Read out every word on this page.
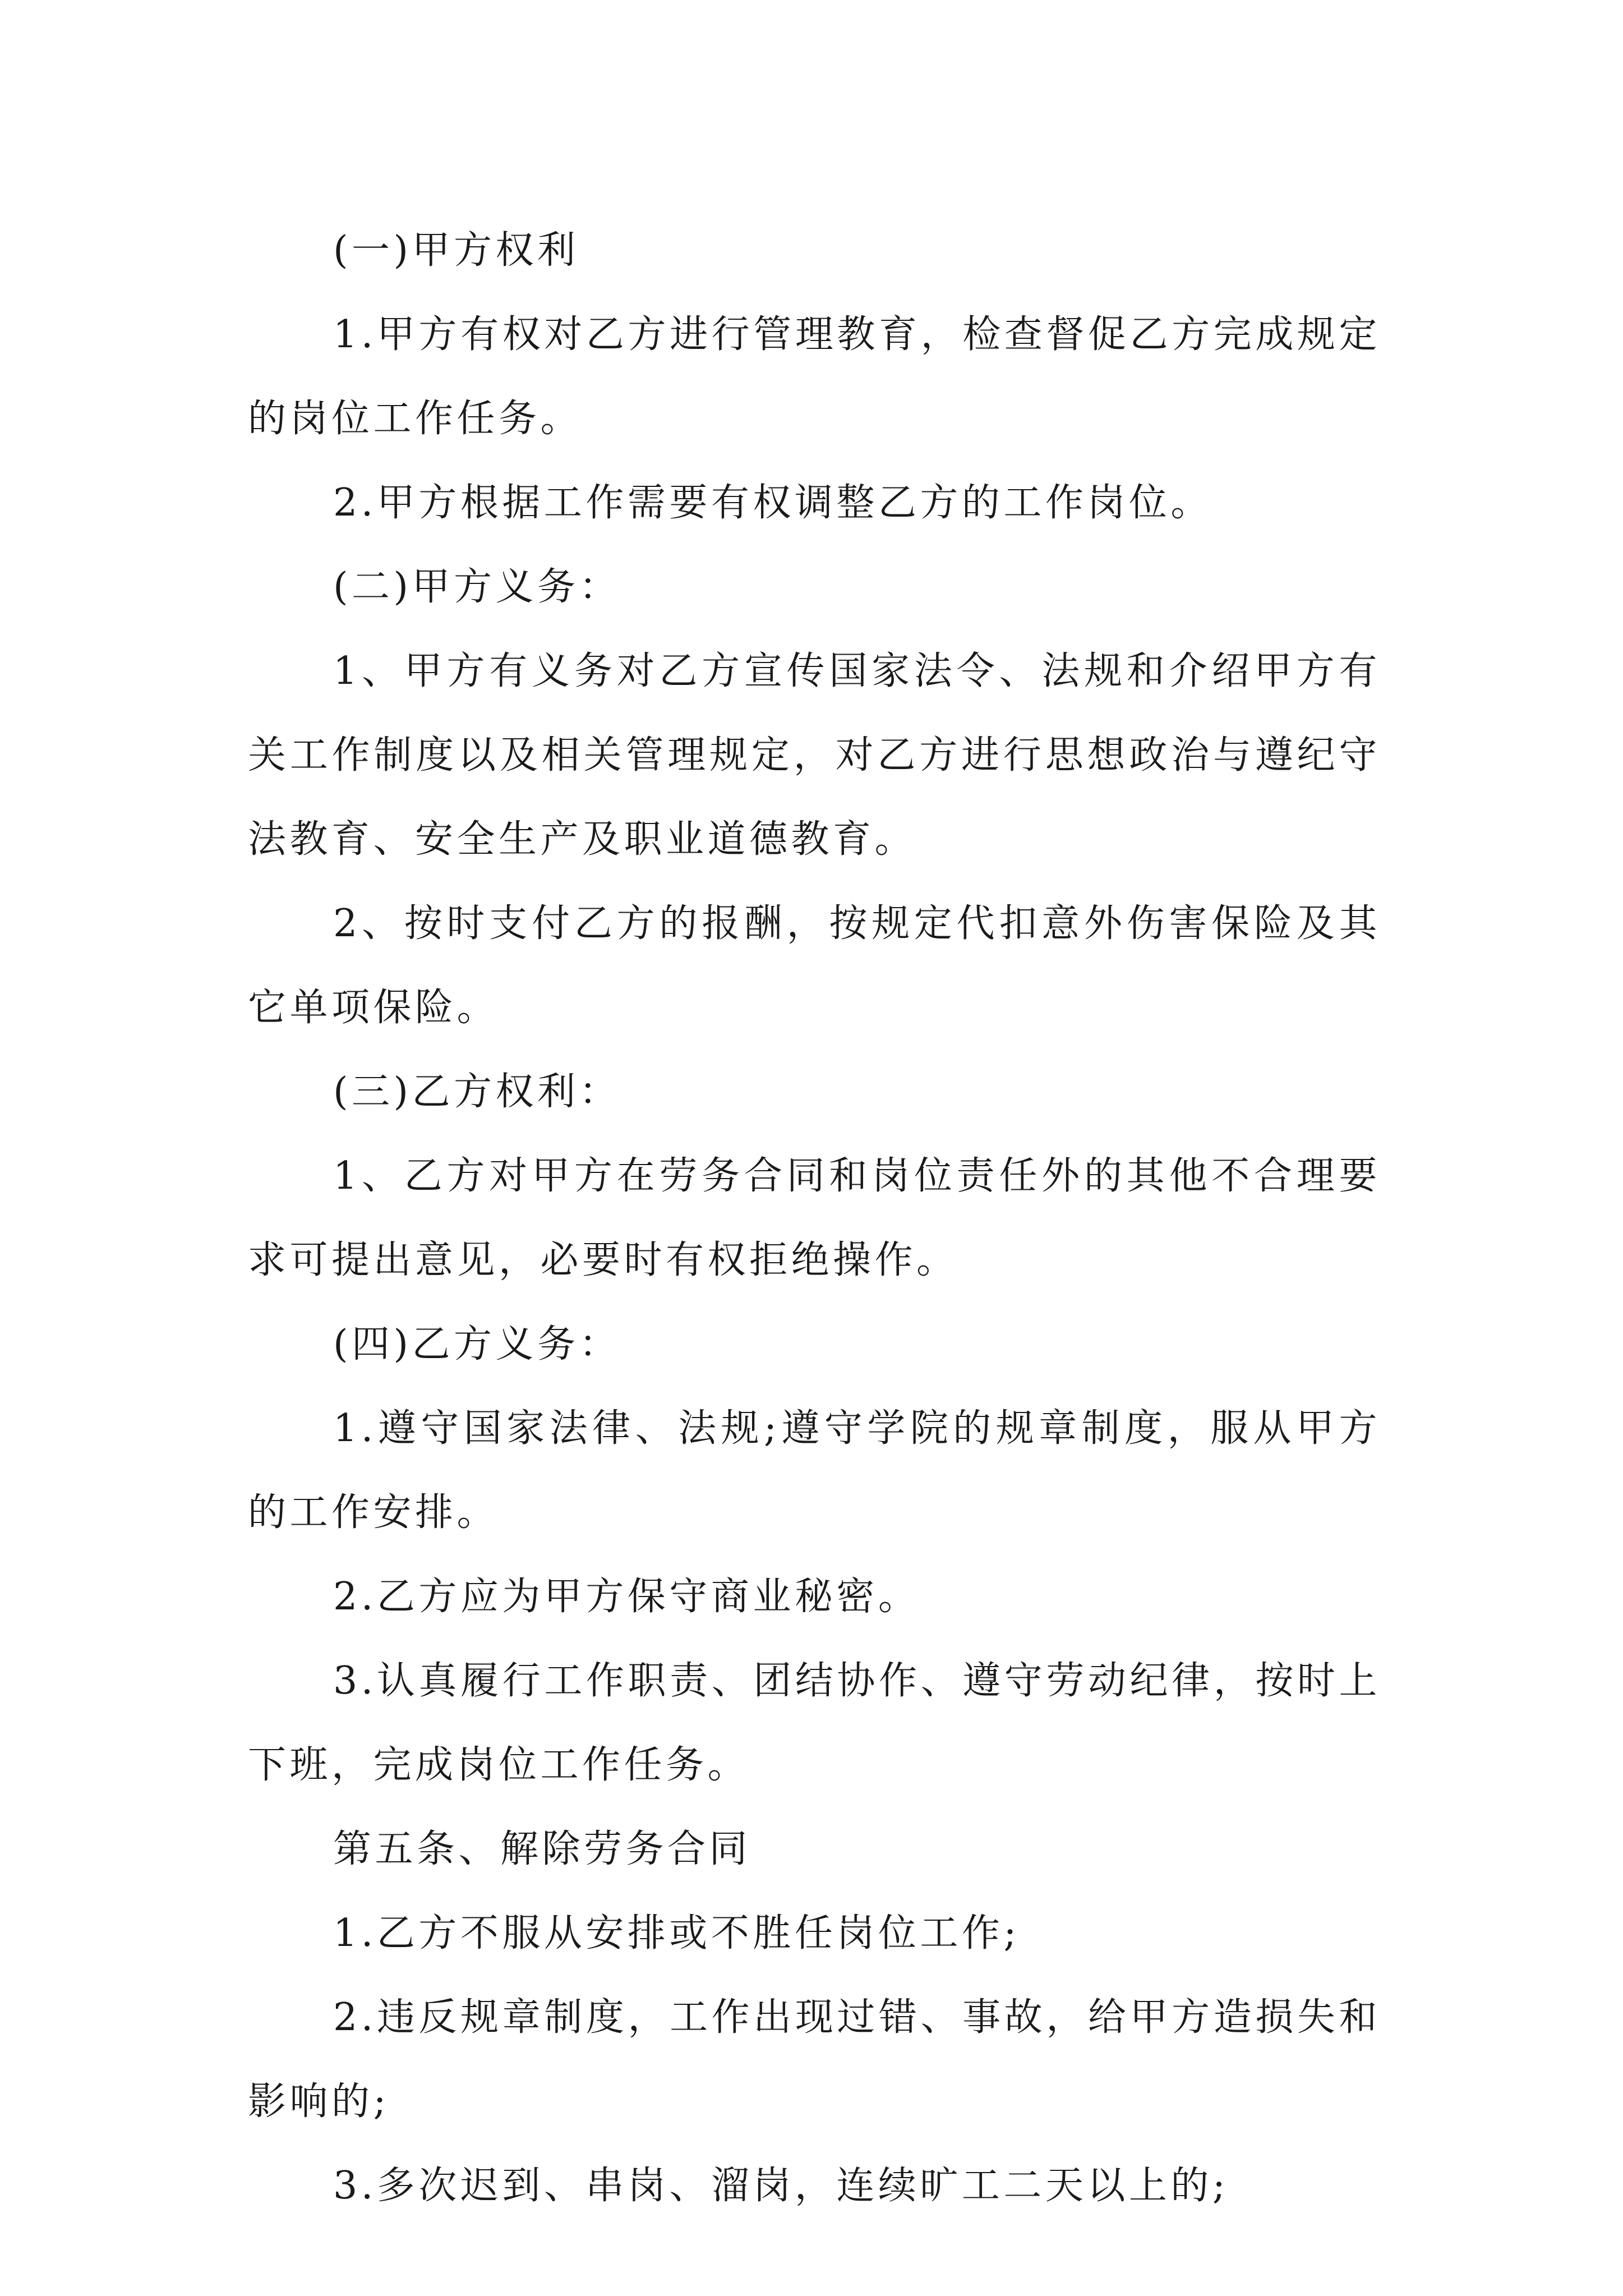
(一)甲方权利

1.甲方有权对乙方进行管理教育，检查督促乙方完成规定的岗位工作任务。

2.甲方根据工作需要有权调整乙方的工作岗位。

(二)甲方义务：

1、甲方有义务对乙方宣传国家法令、法规和介绍甲方有关工作制度以及相关管理规定，对乙方进行思想政治与遵纪守法教育、安全生产及职业道德教育。

2、按时支付乙方的报酬，按规定代扣意外伤害保险及其它单项保险。

(三)乙方权利：

1、乙方对甲方在劳务合同和岗位责任外的其他不合理要求可提出意见，必要时有权拒绝操作。

(四)乙方义务：

1.遵守国家法律、法规;遵守学院的规章制度，服从甲方的工作安排。

2.乙方应为甲方保守商业秘密。

3.认真履行工作职责、团结协作、遵守劳动纪律，按时上下班，完成岗位工作任务。

第五条、解除劳务合同

1.乙方不服从安排或不胜任岗位工作;

2.违反规章制度，工作出现过错、事故，给甲方造损失和影响的;

3.多次迟到、串岗、溜岗，连续旷工二天以上的;
